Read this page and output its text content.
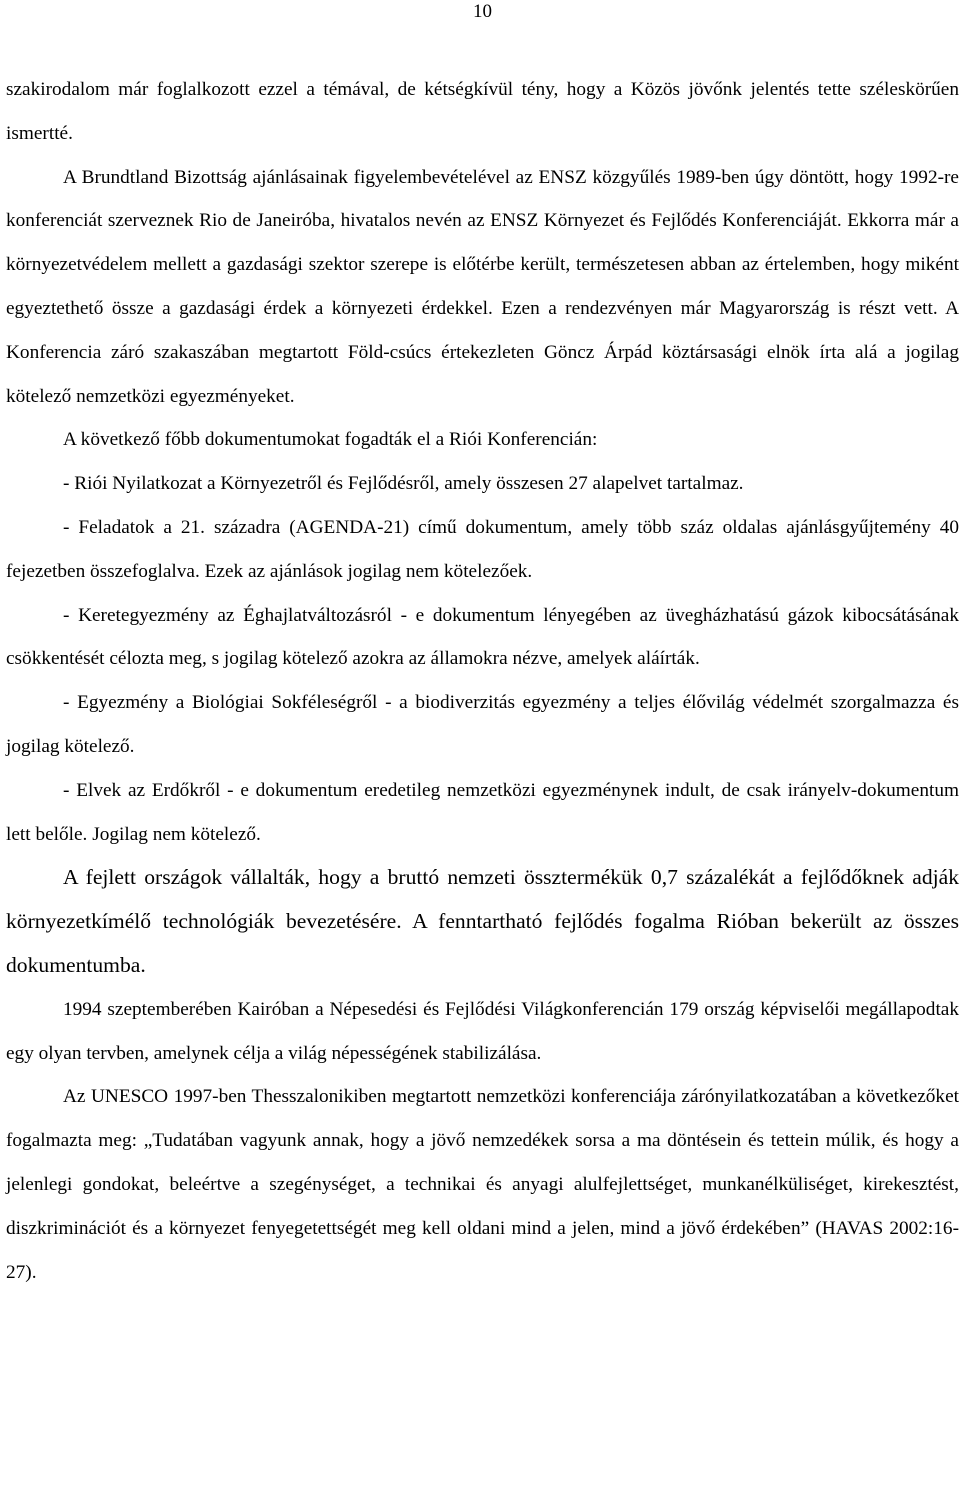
10

szakirodalom már foglalkozott ezzel a témával, de kétségkívül tény, hogy a Közös jövőnk jelentés tette széleskörűen ismertté.

A Brundtland Bizottság ajánlásainak figyelembevételével az ENSZ közgyűlés 1989-ben úgy döntött, hogy 1992-re konferenciát szerveznek Rio de Janeiróba, hivatalos nevén az ENSZ Környezet és Fejlődés Konferenciáját. Ekkorra már a környezetvédelem mellett a gazdasági szektor szerepe is előtérbe került, természetesen abban az értelemben, hogy miként egyeztethető össze a gazdasági érdek a környezeti érdekkel. Ezen a rendezvényen már Magyarország is részt vett. A Konferencia záró szakaszában megtartott Föld-csúcs értekezleten Göncz Árpád köztársasági elnök írta alá a jogilag kötelező nemzetközi egyezményeket.

A következő főbb dokumentumokat fogadták el a Riói Konferencián:

- Riói Nyilatkozat a Környezetről és Fejlődésről, amely összesen 27 alapelvet tartalmaz.

- Feladatok a 21. századra (AGENDA-21) című dokumentum, amely több száz oldalas ajánlásgyűjtemény 40 fejezetben összefoglalva. Ezek az ajánlások jogilag nem kötelezőek.

- Keretegyezmény az Éghajlatváltozásról - e dokumentum lényegében az üvegházhatású gázok kibocsátásának csökkentését célozta meg, s jogilag kötelező azokra az államokra nézve, amelyek aláírták.

- Egyezmény a Biológiai Sokféleségről - a biodiverzitás egyezmény a teljes élővilág védelmét szorgalmazza és jogilag kötelező.

- Elvek az Erdőkről - e dokumentum eredetileg nemzetközi egyezménynek indult, de csak irányelv-dokumentum lett belőle. Jogilag nem kötelező.

A fejlett országok vállalták, hogy a bruttó nemzeti össztermékük 0,7 százalékát a fejlődőknek adják környezetkímélő technológiák bevezetésére. A fenntartható fejlődés fogalma Rióban bekerült az összes dokumentumba.

1994 szeptemberében Kairóban a Népesedési és Fejlődési Világkonferencián 179 ország képviselői megállapodtak egy olyan tervben, amelynek célja a világ népességének stabilizálása.

Az UNESCO 1997-ben Thesszalonikiben megtartott nemzetközi konferenciája zárónyilatkozatában a következőket fogalmazta meg: „Tudatában vagyunk annak, hogy a jövő nemzedékek sorsa a ma döntésein és tettein múlik, és hogy a jelenlegi gondokat, beleértve a szegénységet, a technikai és anyagi alulfejlettséget, munkanélküliséget, kirekesztést, diszkriminációt és a környezet fenyegetettségét meg kell oldani mind a jelen, mind a jövő érdekében” (HAVAS 2002:16-27).
